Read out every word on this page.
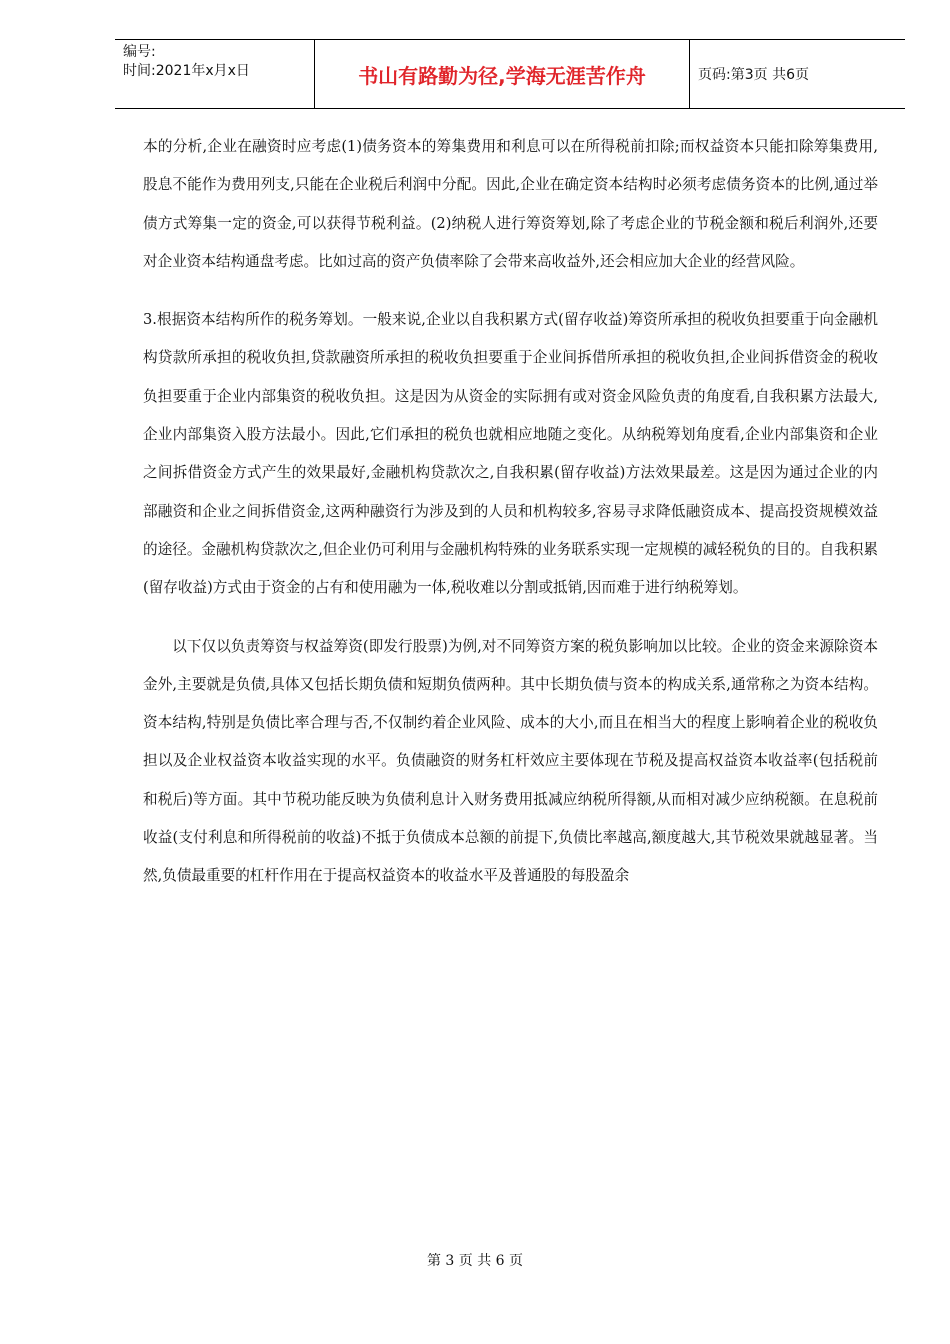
编号:
时间:2021年x月x日	书山有路勤为径,学海无涯苦作舟	页码:第3页 共6页

本的分析,企业在融资时应考虑(1)债务资本的筹集费用和利息可以在所得税前扣除;而权益资本只能扣除筹集费用,股息不能作为费用列支,只能在企业税后利润中分配。因此,企业在确定资本结构时必须考虑债务资本的比例,通过举债方式筹集一定的资金,可以获得节税利益。(2)纳税人进行筹资筹划,除了考虑企业的节税金额和税后利润外,还要对企业资本结构通盘考虑。比如过高的资产负债率除了会带来高收益外,还会相应加大企业的经营风险。

3.根据资本结构所作的税务筹划。一般来说,企业以自我积累方式(留存收益)筹资所承担的税收负担要重于向金融机构贷款所承担的税收负担,贷款融资所承担的税收负担要重于企业间拆借所承担的税收负担,企业间拆借资金的税收负担要重于企业内部集资的税收负担。这是因为从资金的实际拥有或对资金风险负责的角度看,自我积累方法最大,企业内部集资入股方法最小。因此,它们承担的税负也就相应地随之变化。从纳税筹划角度看,企业内部集资和企业之间拆借资金方式产生的效果最好,金融机构贷款次之,自我积累(留存收益)方法效果最差。这是因为通过企业的内部融资和企业之间拆借资金,这两种融资行为涉及到的人员和机构较多,容易寻求降低融资成本、提高投资规模效益的途径。金融机构贷款次之,但企业仍可利用与金融机构特殊的业务联系实现一定规模的减轻税负的目的。自我积累(留存收益)方式由于资金的占有和使用融为一体,税收难以分割或抵销,因而难于进行纳税筹划。

以下仅以负责筹资与权益筹资(即发行股票)为例,对不同筹资方案的税负影响加以比较。企业的资金来源除资本金外,主要就是负债,具体又包括长期负债和短期负债两种。其中长期负债与资本的构成关系,通常称之为资本结构。资本结构,特别是负债比率合理与否,不仅制约着企业风险、成本的大小,而且在相当大的程度上影响着企业的税收负担以及企业权益资本收益实现的水平。负债融资的财务杠杆效应主要体现在节税及提高权益资本收益率(包括税前和税后)等方面。其中节税功能反映为负债利息计入财务费用抵减应纳税所得额,从而相对减少应纳税额。在息税前收益(支付利息和所得税前的收益)不抵于负债成本总额的前提下,负债比率越高,额度越大,其节税效果就越显著。当然,负债最重要的杠杆作用在于提高权益资本的收益水平及普通股的每股盈余

第 3 页 共 6 页
